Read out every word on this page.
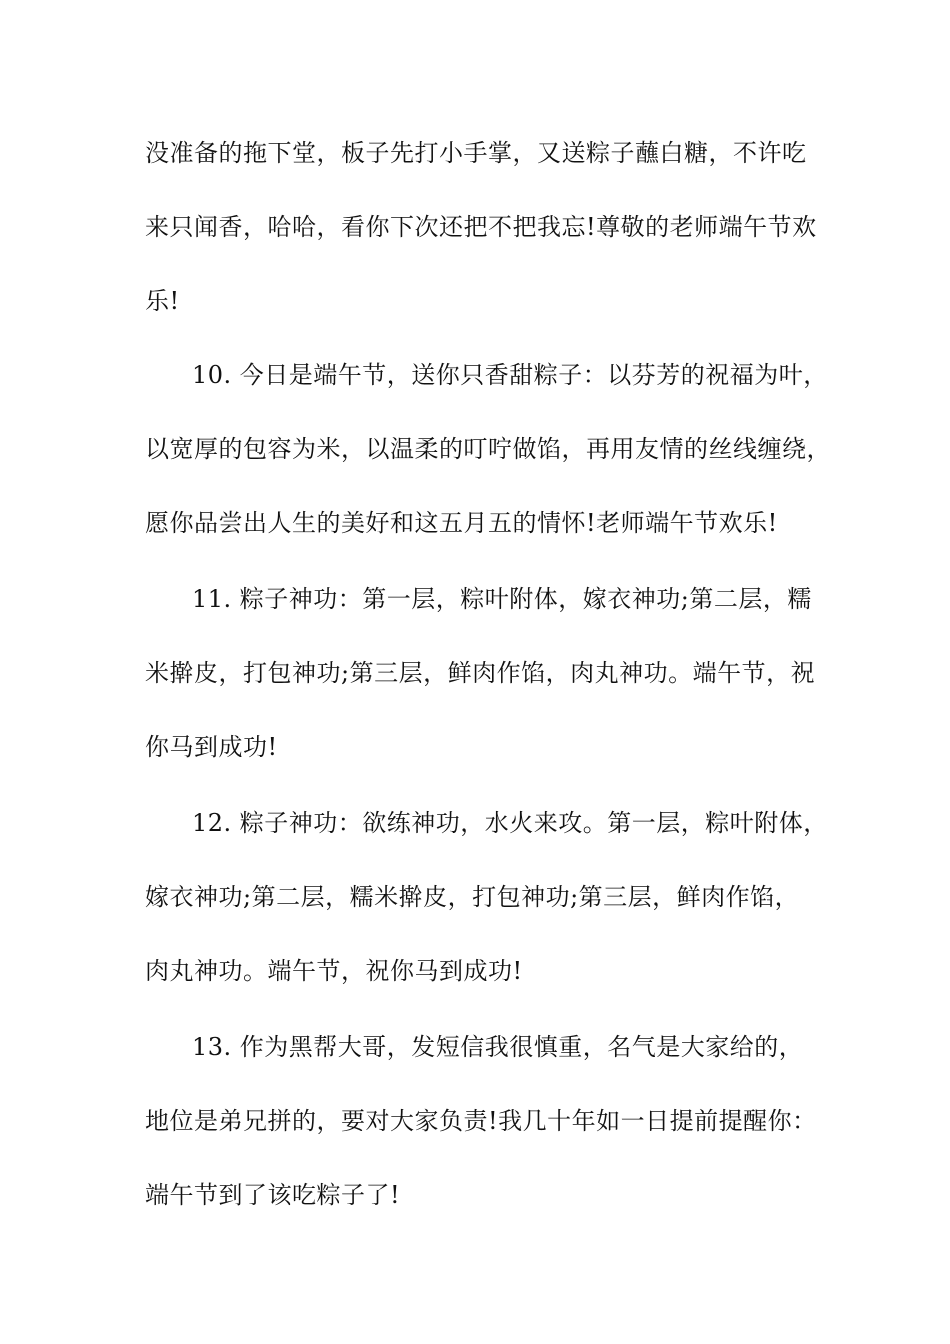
没准备的拖下堂，板子先打小手掌，又送粽子蘸白糖，不许吃
来只闻香，哈哈，看你下次还把不把我忘!尊敬的老师端午节欢
乐!
10. 今日是端午节，送你只香甜粽子：以芬芳的祝福为叶，
以宽厚的包容为米，以温柔的叮咛做馅，再用友情的丝线缠绕，
愿你品尝出人生的美好和这五月五的情怀!老师端午节欢乐!
11. 粽子神功：第一层，粽叶附体，嫁衣神功;第二层，糯
米擀皮，打包神功;第三层，鲜肉作馅，肉丸神功。端午节，祝
你马到成功!
12. 粽子神功：欲练神功，水火来攻。第一层，粽叶附体，
嫁衣神功;第二层，糯米擀皮，打包神功;第三层，鲜肉作馅，
肉丸神功。端午节，祝你马到成功!
13. 作为黑帮大哥，发短信我很慎重，名气是大家给的，
地位是弟兄拼的，要对大家负责!我几十年如一日提前提醒你：
端午节到了该吃粽子了!
